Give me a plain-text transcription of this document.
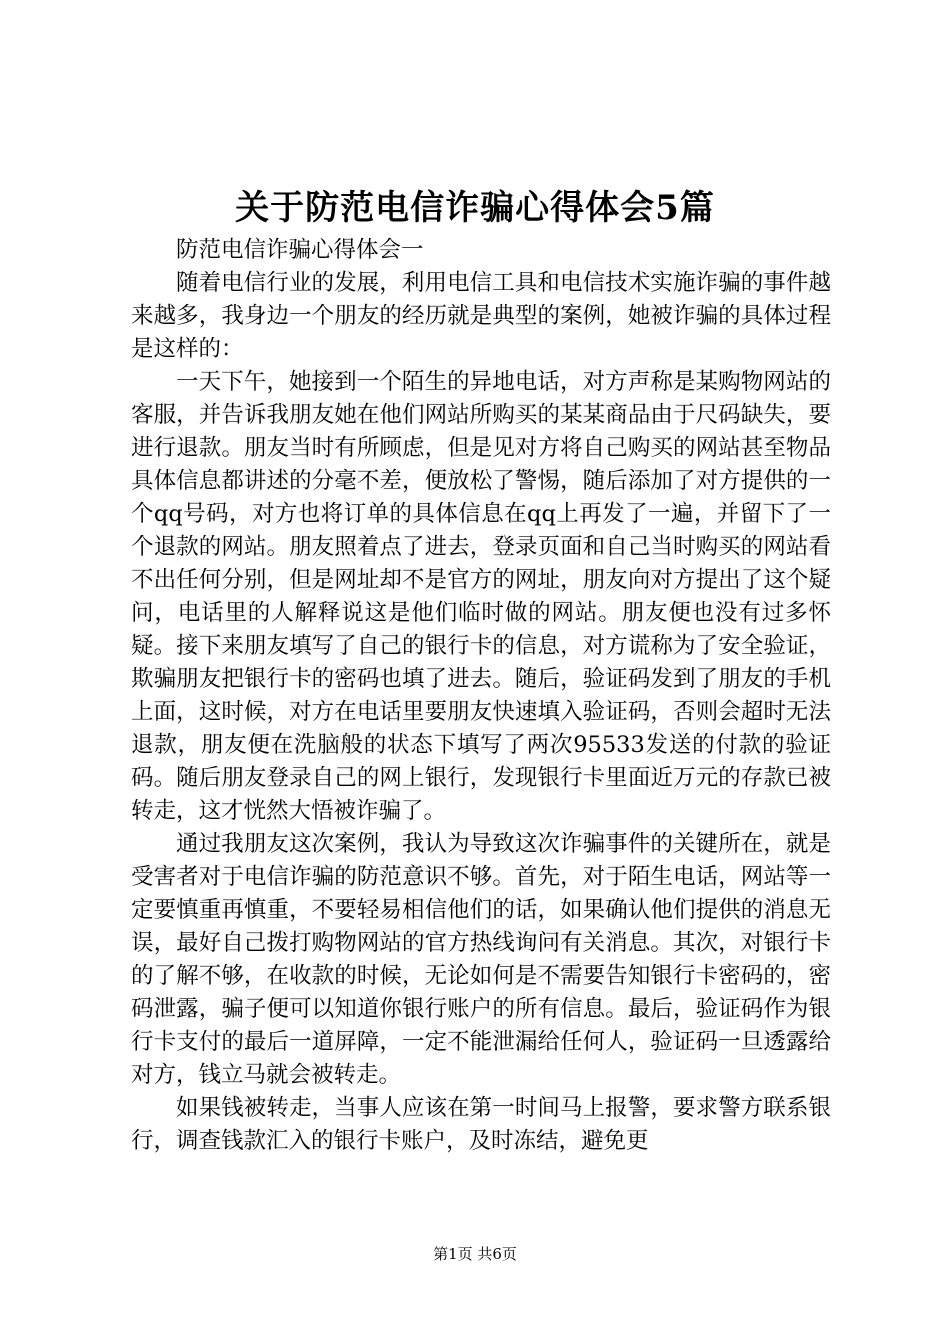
关于防范电信诈骗心得体会5篇

防范电信诈骗心得体会一

随着电信行业的发展，利用电信工具和电信技术实施诈骗的事件越来越多，我身边一个朋友的经历就是典型的案例，她被诈骗的具体过程是这样的：

一天下午，她接到一个陌生的异地电话，对方声称是某购物网站的客服，并告诉我朋友她在他们网站所购买的某某商品由于尺码缺失，要进行退款。朋友当时有所顾虑，但是见对方将自己购买的网站甚至物品具体信息都讲述的分毫不差，便放松了警惕，随后添加了对方提供的一个qq号码，对方也将订单的具体信息在qq上再发了一遍，并留下了一个退款的网站。朋友照着点了进去，登录页面和自己当时购买的网站看不出任何分别，但是网址却不是官方的网址，朋友向对方提出了这个疑问，电话里的人解释说这是他们临时做的网站。朋友便也没有过多怀疑。接下来朋友填写了自己的银行卡的信息，对方谎称为了安全验证，欺骗朋友把银行卡的密码也填了进去。随后，验证码发到了朋友的手机上面，这时候，对方在电话里要朋友快速填入验证码，否则会超时无法退款，朋友便在洗脑般的状态下填写了两次95533发送的付款的验证码。随后朋友登录自己的网上银行，发现银行卡里面近万元的存款已被转走，这才恍然大悟被诈骗了。

通过我朋友这次案例，我认为导致这次诈骗事件的关键所在，就是受害者对于电信诈骗的防范意识不够。首先，对于陌生电话，网站等一定要慎重再慎重，不要轻易相信他们的话，如果确认他们提供的消息无误，最好自己拨打购物网站的官方热线询问有关消息。其次，对银行卡的了解不够，在收款的时候，无论如何是不需要告知银行卡密码的，密码泄露，骗子便可以知道你银行账户的所有信息。最后，验证码作为银行卡支付的最后一道屏障，一定不能泄漏给任何人，验证码一旦透露给对方，钱立马就会被转走。

如果钱被转走，当事人应该在第一时间马上报警，要求警方联系银行，调查钱款汇入的银行卡账户，及时冻结，避免更

第1页 共6页
